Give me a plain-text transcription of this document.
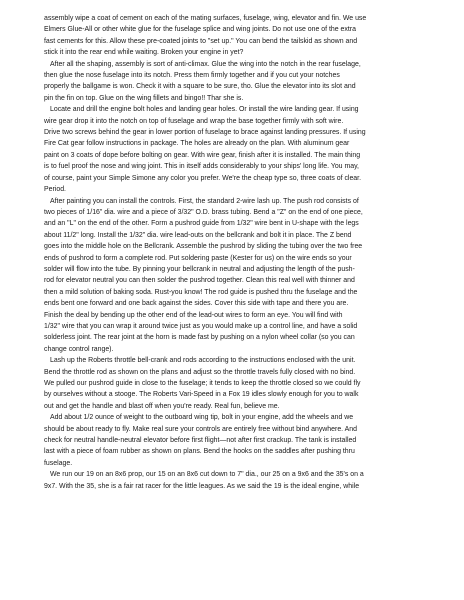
assembly wipe a coat of cement on each of the mating surfaces, fuselage, wing, elevator and fin. We use
Elmers Glue-All or other white glue for the fuselage splice and wing joints. Do not use one of the extra
fast cements for this. Allow these pre-coated joints to "set up." You can bend the tailskid as shown and
stick it into the rear end while waiting. Broken your engine in yet?

After all the shaping, assembly is sort of anti-climax. Glue the wing into the notch in the rear fuselage,
then glue the nose fuselage into its notch. Press them firmly together and if you cut your notches
properly the ballgame is won. Check it with a square to be sure, tho. Glue the elevator into its slot and
pin the fin on top. Glue on the wing fillets and bingo!! Thar she is.

Locate and drill the engine bolt holes and landing gear holes. Or install the wire landing gear. If using
wire gear drop it into the notch on top of fuselage and wrap the base together firmly with soft wire.
Drive two screws behind the gear in lower portion of fuselage to brace against landing pressures. If using
Fire Cat gear follow instructions in package. The holes are already on the plan. With aluminum gear
paint on 3 coats of dope before bolting on gear. With wire gear, finish after it is installed. The main thing
is to fuel proof the nose and wing joint. This in itself adds considerably to your ships' long life. You may,
of course, paint your Simple Simone any color you prefer. We're the cheap type so, three coats of clear.
Period.

After painting you can install the controls. First, the standard 2-wire lash up. The push rod consists of
two pieces of 1/16" dia. wire and a piece of 3/32" O.D. brass tubing. Bend a "Z" on the end of one piece,
and an "L" on the end of the other. Form a pushrod guide from 1/32" wire bent in U-shape with the legs
about 11/2" long. Install the 1/32" dia. wire lead-outs on the bellcrank and bolt it in place. The Z bend
goes into the middle hole on the Bellcrank. Assemble the pushrod by sliding the tubing over the two free
ends of pushrod to form a complete rod. Put soldering paste (Kester for us) on the wire ends so your
solder will flow into the tube. By pinning your bellcrank in neutral and adjusting the length of the push-
rod for elevator neutral you can then solder the pushrod together. Clean this real well with thinner and
then a mild solution of baking soda. Rust-you know! The rod guide is pushed thru the fuselage and the
ends bent one forward and one back against the sides. Cover this side with tape and there you are.
Finish the deal by bending up the other end of the lead-out wires to form an eye. You will find with
1/32" wire that you can wrap it around twice just as you would make up a control line, and have a solid
solderless joint. The rear joint at the horn is made fast by pushing on a nylon wheel collar (so you can
change control range).

Lash up the Roberts throttle bell-crank and rods according to the instructions enclosed with the unit.
Bend the throttle rod as shown on the plans and adjust so the throttle travels fully closed with no bind.
We pulled our pushrod guide in close to the fuselage; it tends to keep the throttle closed so we could fly
by ourselves without a stooge. The Roberts Vari-Speed in a Fox 19 idles slowly enough for you to walk
out and get the handle and blast off when you're ready. Real fun, believe me.

Add about 1/2 ounce of weight to the outboard wing tip, bolt in your engine, add the wheels and we
should be about ready to fly. Make real sure your controls are entirely free without bind anywhere. And
check for neutral handle-neutral elevator before first flight—not after first crackup. The tank is installed
last with a piece of foam rubber as shown on plans. Bend the hooks on the saddles after pushing thru
fuselage.

We run our 19 on an 8x6 prop, our 15 on an 8x6 cut down to 7" dia., our 25 on a 9x6 and the 35's on a
9x7. With the 35, she is a fair rat racer for the little leagues. As we said the 19 is the ideal engine, while
